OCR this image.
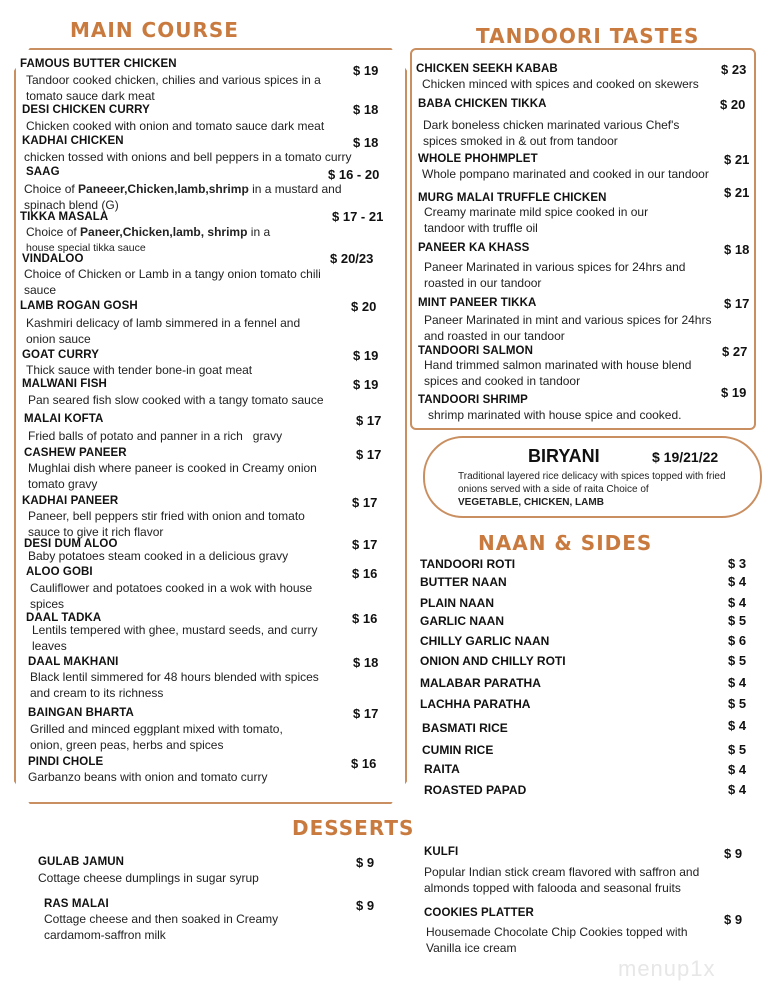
MAIN COURSE	TANDOORI TASTES
NAAN & SIDES
DESSERTS
FAMOUS BUTTER CHICKEN	$ 19
Tandoor cooked chicken, chilies and various spices in a tomato sauce dark meat
DESI CHICKEN CURRY	$ 18
Chicken cooked with onion and tomato sauce dark meat
KADHAI CHICKEN	$ 18
chicken tossed with onions and bell peppers in a tomato curry
SAAG	$ 16 - 20
Choice of Paneeer,Chicken,lamb,shrimp in a mustard and spinach blend (G)
TIKKA MASALA	$ 17 - 21
Choice of Paneer,Chicken,lamb, shrimp in a
house special tikka sauce
VINDALOO	$ 20/23
Choice of Chicken or Lamb in a tangy onion tomato chili sauce
LAMB ROGAN GOSH	$ 20
Kashmiri delicacy of lamb simmered in a fennel and onion sauce
GOAT CURRY	$ 19
Thick sauce with tender bone-in goat meat
MALWANI FISH	$ 19
Pan seared fish slow cooked with a tangy tomato sauce
MALAI KOFTA	$ 17
Fried balls of potato and panner in a rich   gravy
CASHEW PANEER	$ 17
Mughlai dish where paneer is cooked in Creamy onion tomato gravy
KADHAI PANEER	$ 17
Paneer, bell peppers stir fried with onion and tomato sauce to give it rich flavor
DESI DUM ALOO	$ 17
Baby potatoes steam cooked in a delicious gravy
ALOO GOBI	$ 16
Cauliflower and potatoes cooked in a wok with house spices
DAAL TADKA	$ 16
Lentils tempered with ghee, mustard seeds, and curry leaves
DAAL MAKHANI	$ 18
Black lentil simmered for 48 hours blended with spices and cream to its richness
BAINGAN BHARTA	$ 17
Grilled and minced eggplant mixed with tomato, onion, green peas, herbs and spices
PINDI CHOLE	$ 16
Garbanzo beans with onion and tomato curry
CHICKEN SEEKH KABAB	$ 23
Chicken minced with spices and cooked on skewers
BABA CHICKEN TIKKA	$ 20
Dark boneless chicken marinated various Chef's spices smoked in & out from tandoor
WHOLE PHOHMPLET	$ 21
Whole pompano marinated and cooked in our tandoor
MURG MALAI TRUFFLE CHICKEN	$ 21
Creamy marinate mild spice cooked in our tandoor with truffle oil
PANEER KA KHASS	$ 18
Paneer Marinated in various spices for 24hrs and roasted in our tandoor
MINT PANEER TIKKA	$ 17
Paneer Marinated in mint and various spices for 24hrs and roasted in our tandoor
TANDOORI SALMON	$ 27
Hand trimmed salmon marinated with house blend spices and cooked in tandoor
TANDOORI SHRIMP	$ 19
shrimp marinated with house spice and cooked.
BIRYANI	$ 19/21/22
Traditional layered rice delicacy with spices topped with fried onions served with a side of raita Choice of
VEGETABLE, CHICKEN, LAMB
TANDOORI ROTI	$ 3
BUTTER NAAN	$ 4
PLAIN NAAN	$ 4
GARLIC NAAN	$ 5
CHILLY GARLIC NAAN	$ 6
ONION AND CHILLY ROTI	$ 5
MALABAR PARATHA	$ 4
LACHHA PARATHA	$ 5
BASMATI RICE	$ 4
CUMIN RICE	$ 5
RAITA	$ 4
ROASTED PAPAD	$ 4
GULAB JAMUN	$ 9
Cottage cheese dumplings in sugar syrup
RAS MALAI	$ 9
Cottage cheese and then soaked in Creamy cardamom-saffron milk
KULFI	$ 9
Popular Indian stick cream flavored with saffron and almonds topped with falooda and seasonal fruits
COOKIES PLATTER	$ 9
Housemade Chocolate Chip Cookies topped with Vanilla ice cream
menup1x
